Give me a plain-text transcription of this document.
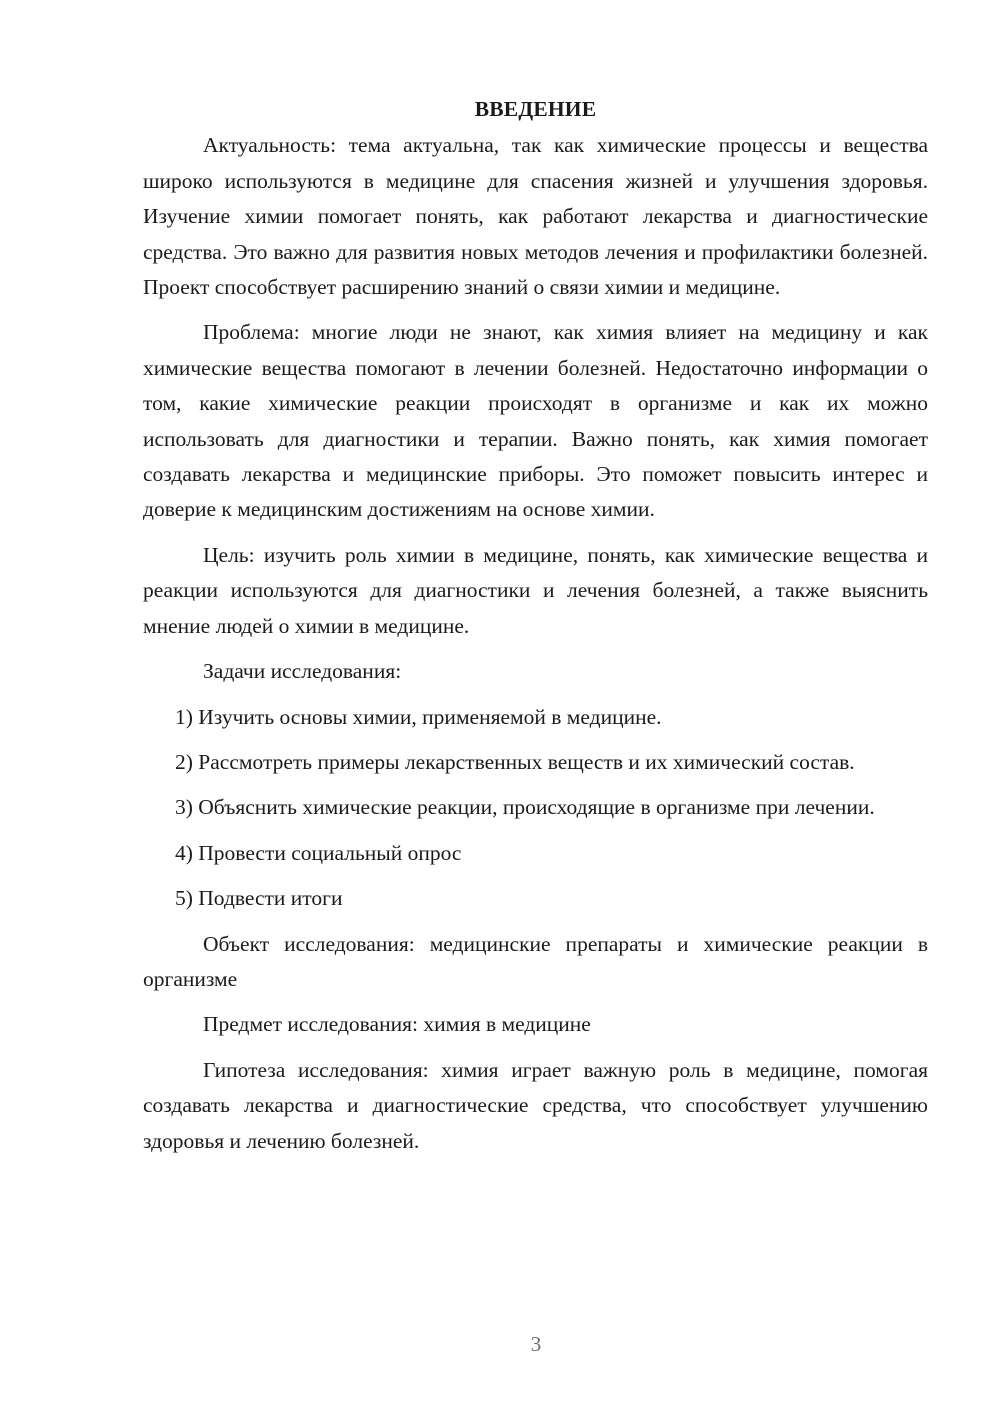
ВВЕДЕНИЕ

Актуальность: тема актуальна, так как химические процессы и вещества широко используются в медицине для спасения жизней и улучшения здоровья. Изучение химии помогает понять, как работают лекарства и диагностические средства. Это важно для развития новых методов лечения и профилактики болезней. Проект способствует расширению знаний о связи химии и медицине.

Проблема: многие люди не знают, как химия влияет на медицину и как химические вещества помогают в лечении болезней. Недостаточно информации о том, какие химические реакции происходят в организме и как их можно использовать для диагностики и терапии. Важно понять, как химия помогает создавать лекарства и медицинские приборы. Это поможет повысить интерес и доверие к медицинским достижениям на основе химии.

Цель: изучить роль химии в медицине, понять, как химические вещества и реакции используются для диагностики и лечения болезней, а также выяснить мнение людей о химии в медицине.

Задачи исследования:

1) Изучить основы химии, применяемой в медицине.

2) Рассмотреть примеры лекарственных веществ и их химический состав.

3) Объяснить химические реакции, происходящие в организме при лечении.

4) Провести социальный опрос

5) Подвести итоги

Объект исследования: медицинские препараты и химические реакции в организме

Предмет исследования: химия в медицине

Гипотеза исследования: химия играет важную роль в медицине, помогая создавать лекарства и диагностические средства, что способствует улучшению здоровья и лечению болезней.

3
